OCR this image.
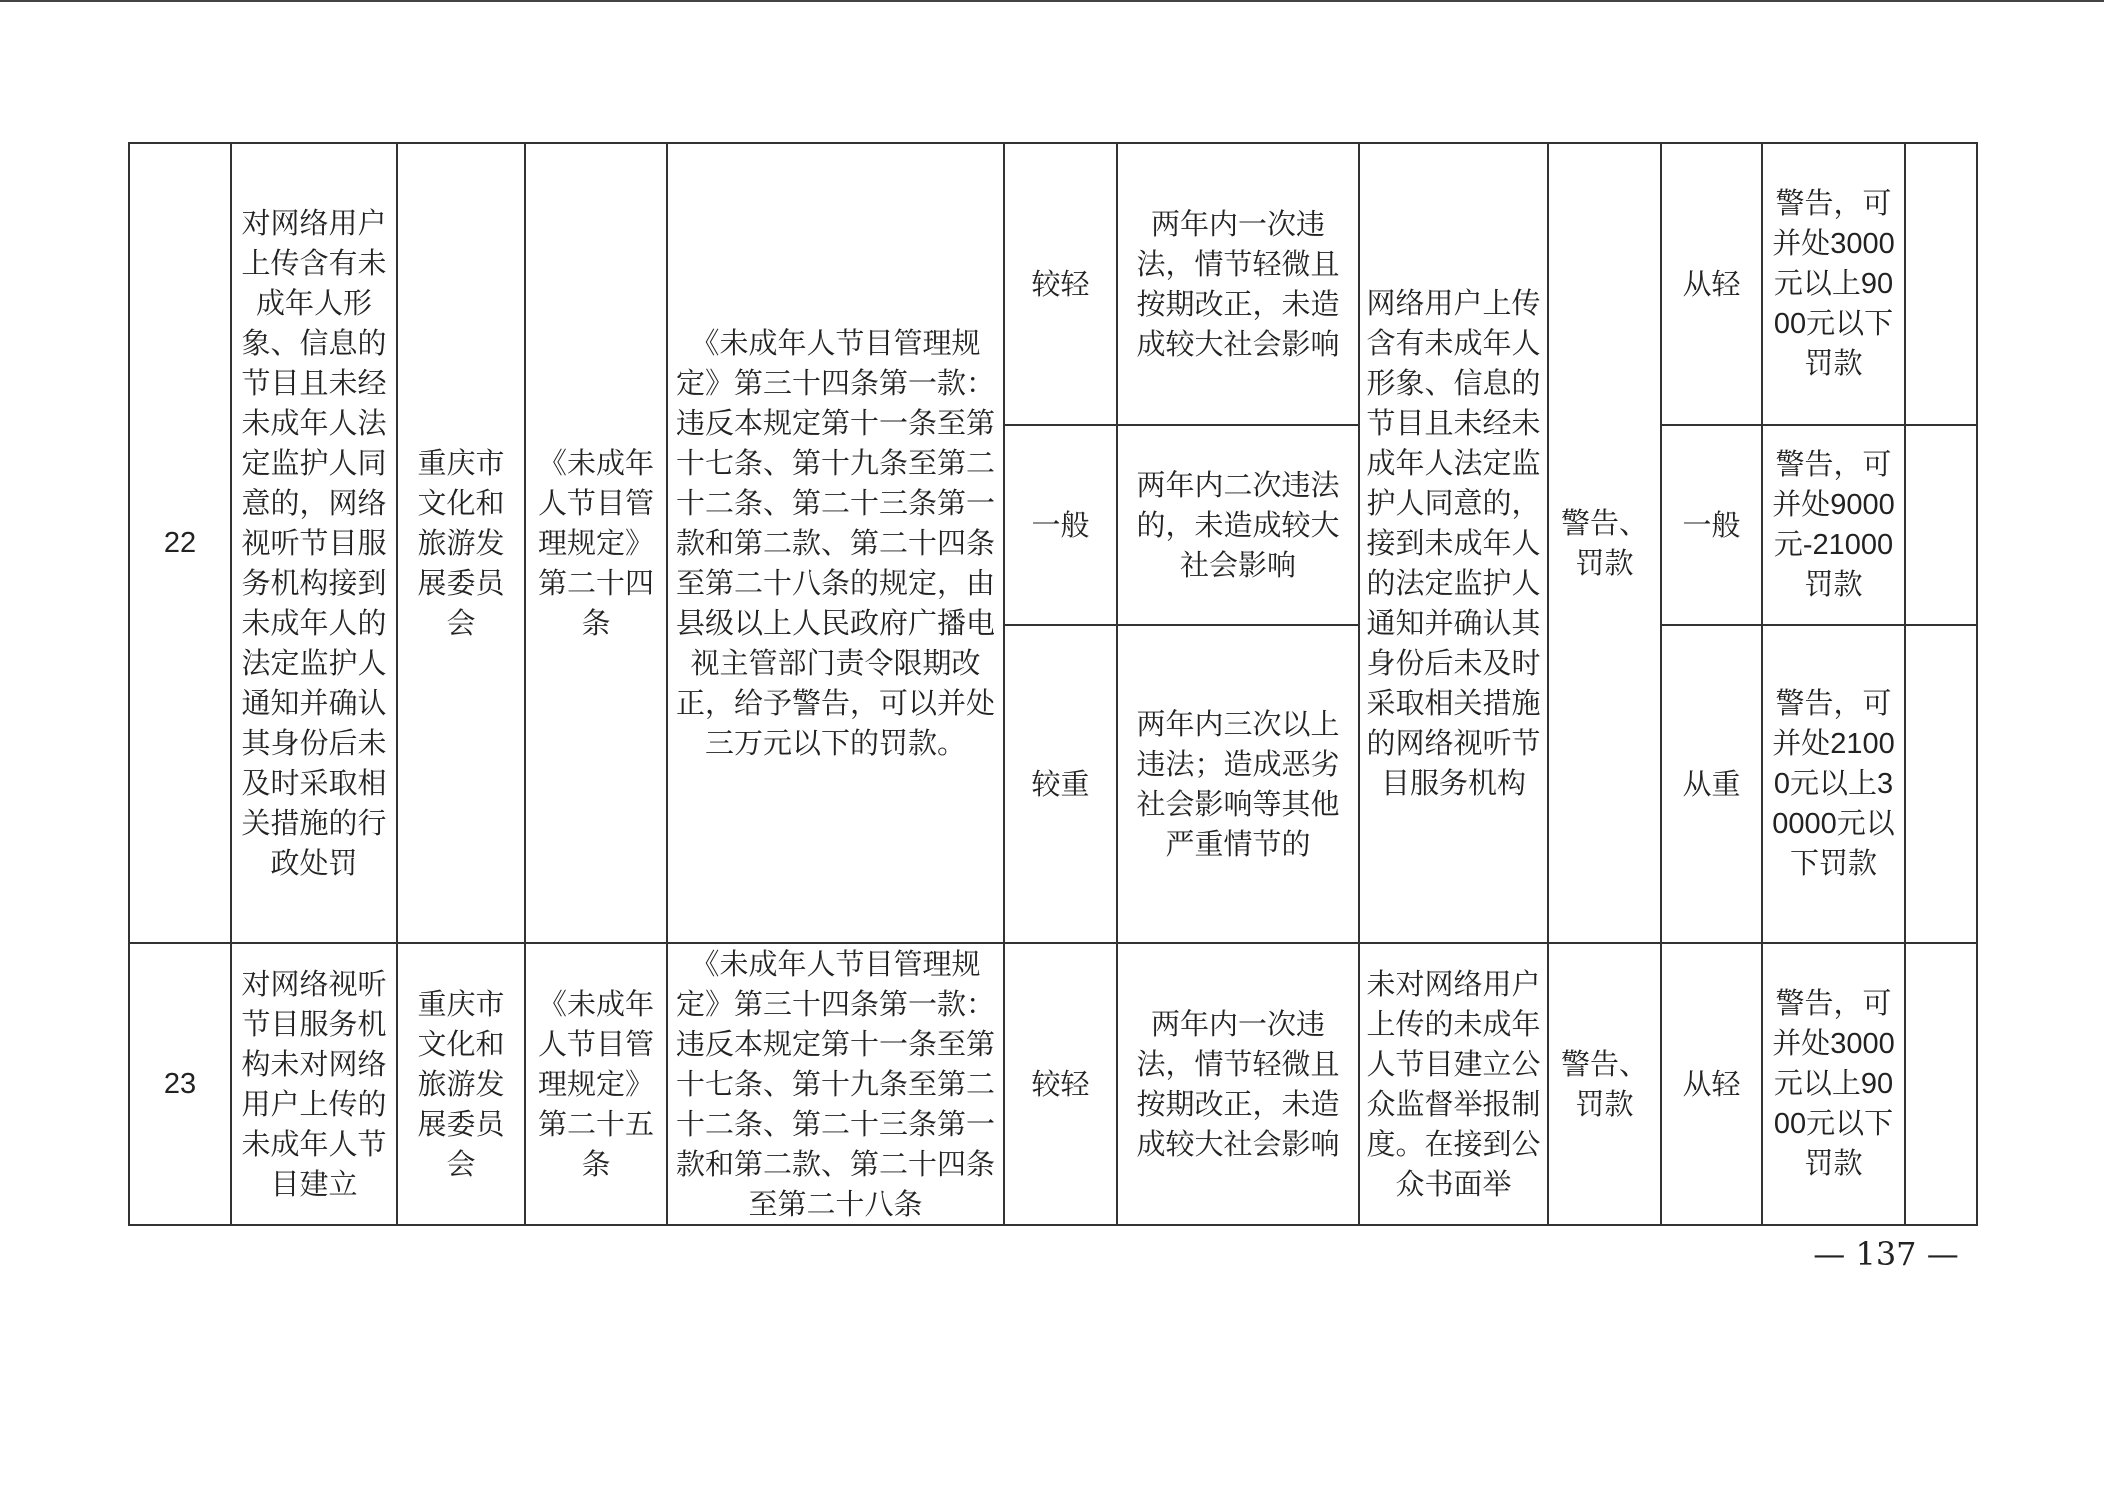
22	对网络用户上传含有未成年人形象、信息的节目且未经未成年人法定监护人同意的，网络视听节目服务机构接到未成年人的法定监护人通知并确认其身份后未及时采取相关措施的行政处罚	重庆市文化和旅游发展委员会	《未成年人节目管理规定》第二十四条	《未成年人节目管理规定》第三十四条第一款：违反本规定第十一条至第十七条、第十九条至第二十二条、第二十三条第一款和第二款、第二十四条至第二十八条的规定，由县级以上人民政府广播电视主管部门责令限期改正，给予警告，可以并处三万元以下的罚款。	较轻	两年内一次违法，情节轻微且按期改正，未造成较大社会影响	网络用户上传含有未成年人形象、信息的节目且未经未成年人法定监护人同意的，接到未成年人的法定监护人通知并确认其身份后未及时采取相关措施的网络视听节目服务机构	警告、罚款	从轻	警告，可并处3000元以上9000元以下罚款	
					一般	两年内二次违法的，未造成较大社会影响			一般	警告，可并处9000元-21000罚款	
					较重	两年内三次以上违法；造成恶劣社会影响等其他严重情节的			从重	警告，可并处21000元以上30000元以下罚款	
23	对网络视听节目服务机构未对网络用户上传的未成年人节目建立	重庆市文化和旅游发展委员会	《未成年人节目管理规定》第二十五条	《未成年人节目管理规定》第三十四条第一款：违反本规定第十一条至第十七条、第十九条至第二十二条、第二十三条第一款和第二款、第二十四条至第二十八条	较轻	两年内一次违法，情节轻微且按期改正，未造成较大社会影响	未对网络用户上传的未成年人节目建立公众监督举报制度。在接到公众书面举	警告、罚款	从轻	警告，可并处3000元以上9000元以下罚款	
— 137 —
